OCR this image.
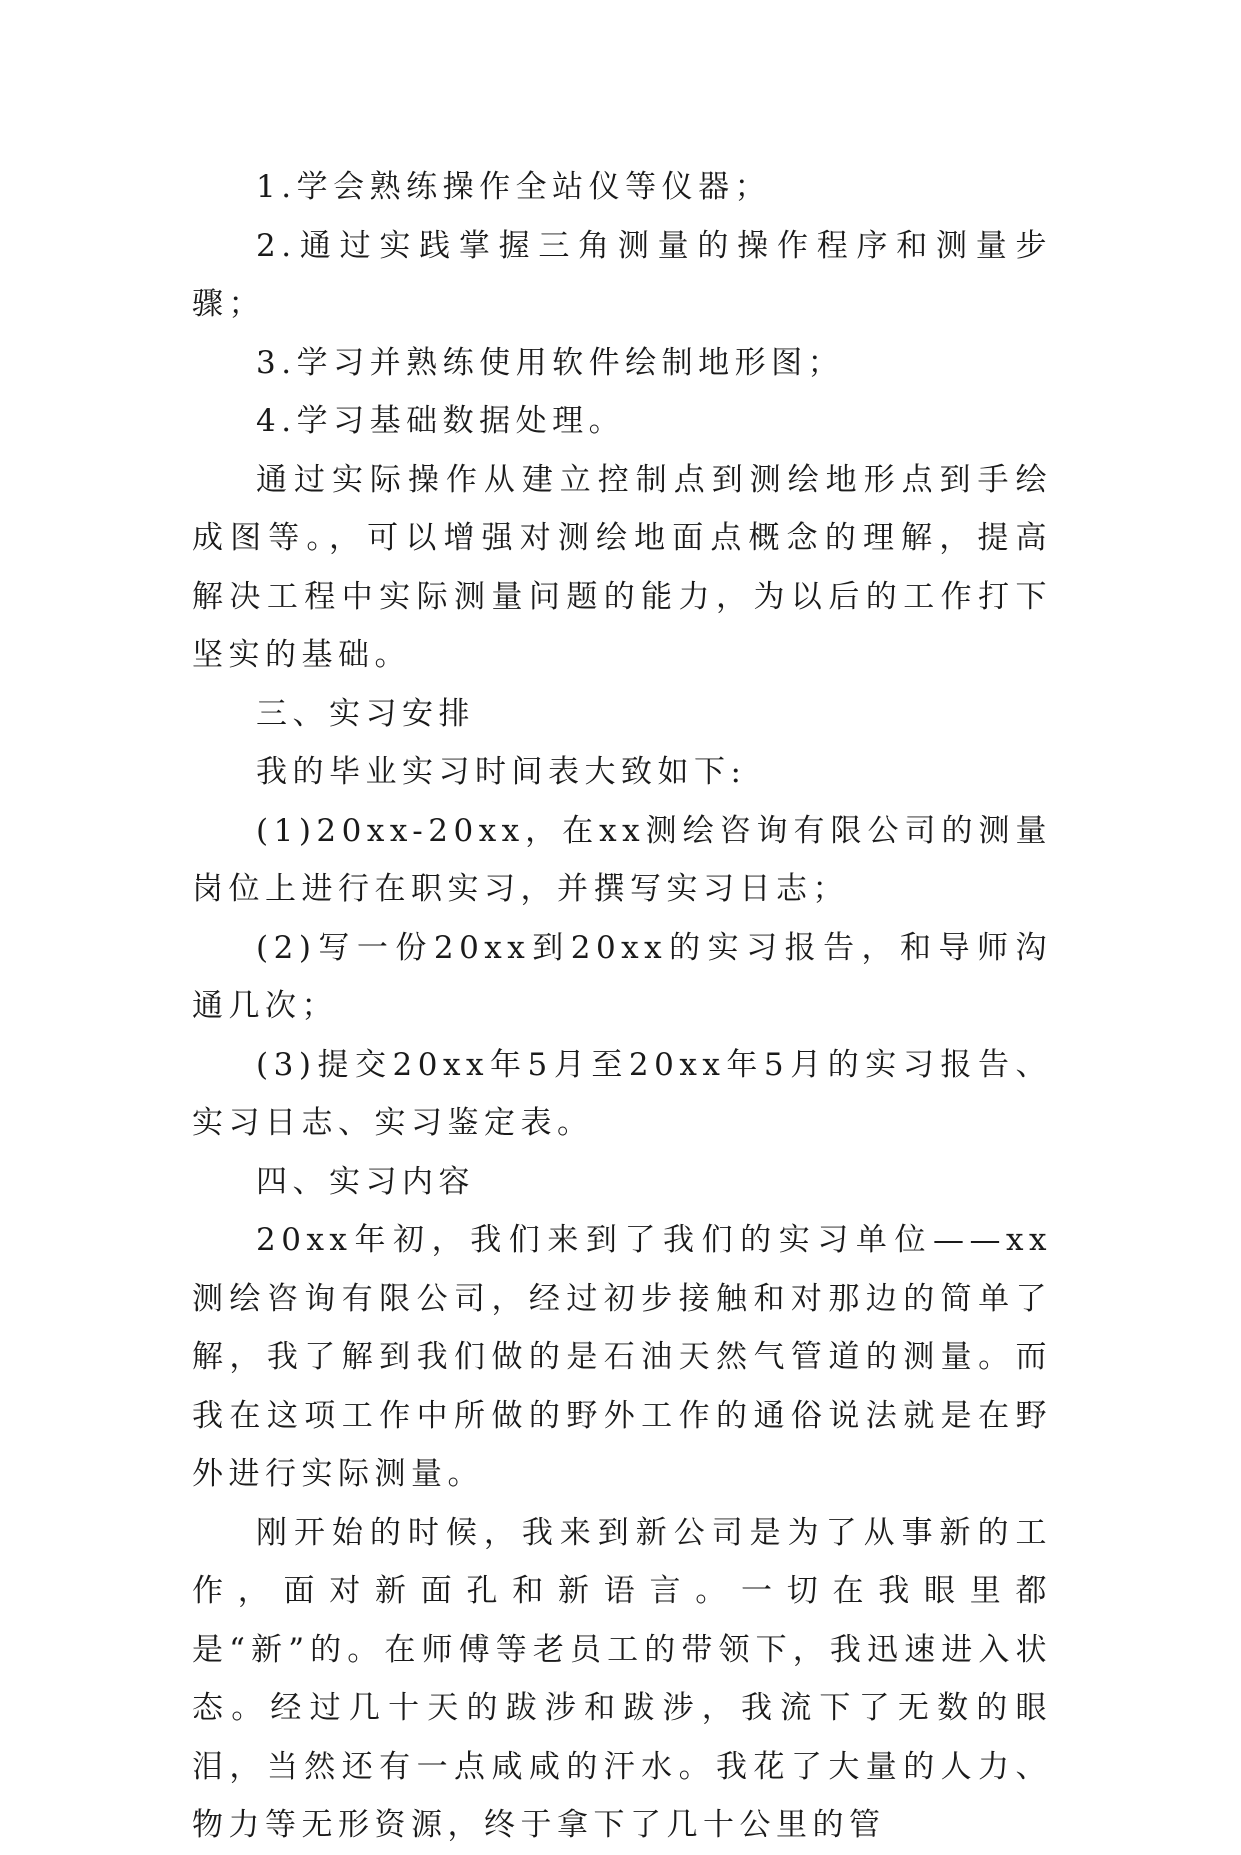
1.学会熟练操作全站仪等仪器；

2.通过实践掌握三角测量的操作程序和测量步骤；

3.学习并熟练使用软件绘制地形图；

4.学习基础数据处理。

通过实际操作从建立控制点到测绘地形点到手绘成图等。，可以增强对测绘地面点概念的理解，提高解决工程中实际测量问题的能力，为以后的工作打下坚实的基础。

三、实习安排

我的毕业实习时间表大致如下:

(1)20xx-20xx，在xx测绘咨询有限公司的测量岗位上进行在职实习，并撰写实习日志；

(2)写一份20xx到20xx的实习报告，和导师沟通几次；

(3)提交20xx年5月至20xx年5月的实习报告、实习日志、实习鉴定表。

四、实习内容

20xx年初，我们来到了我们的实习单位——xx测绘咨询有限公司，经过初步接触和对那边的简单了解，我了解到我们做的是石油天然气管道的测量。而我在这项工作中所做的野外工作的通俗说法就是在野外进行实际测量。

刚开始的时候，我来到新公司是为了从事新的工作，面对新面孔和新语言。一切在我眼里都是“新”的。在师傅等老员工的带领下，我迅速进入状态。经过几十天的跋涉和跋涉，我流下了无数的眼泪，当然还有一点咸咸的汗水。我花了大量的人力、物力等无形资源，终于拿下了几十公里的管
